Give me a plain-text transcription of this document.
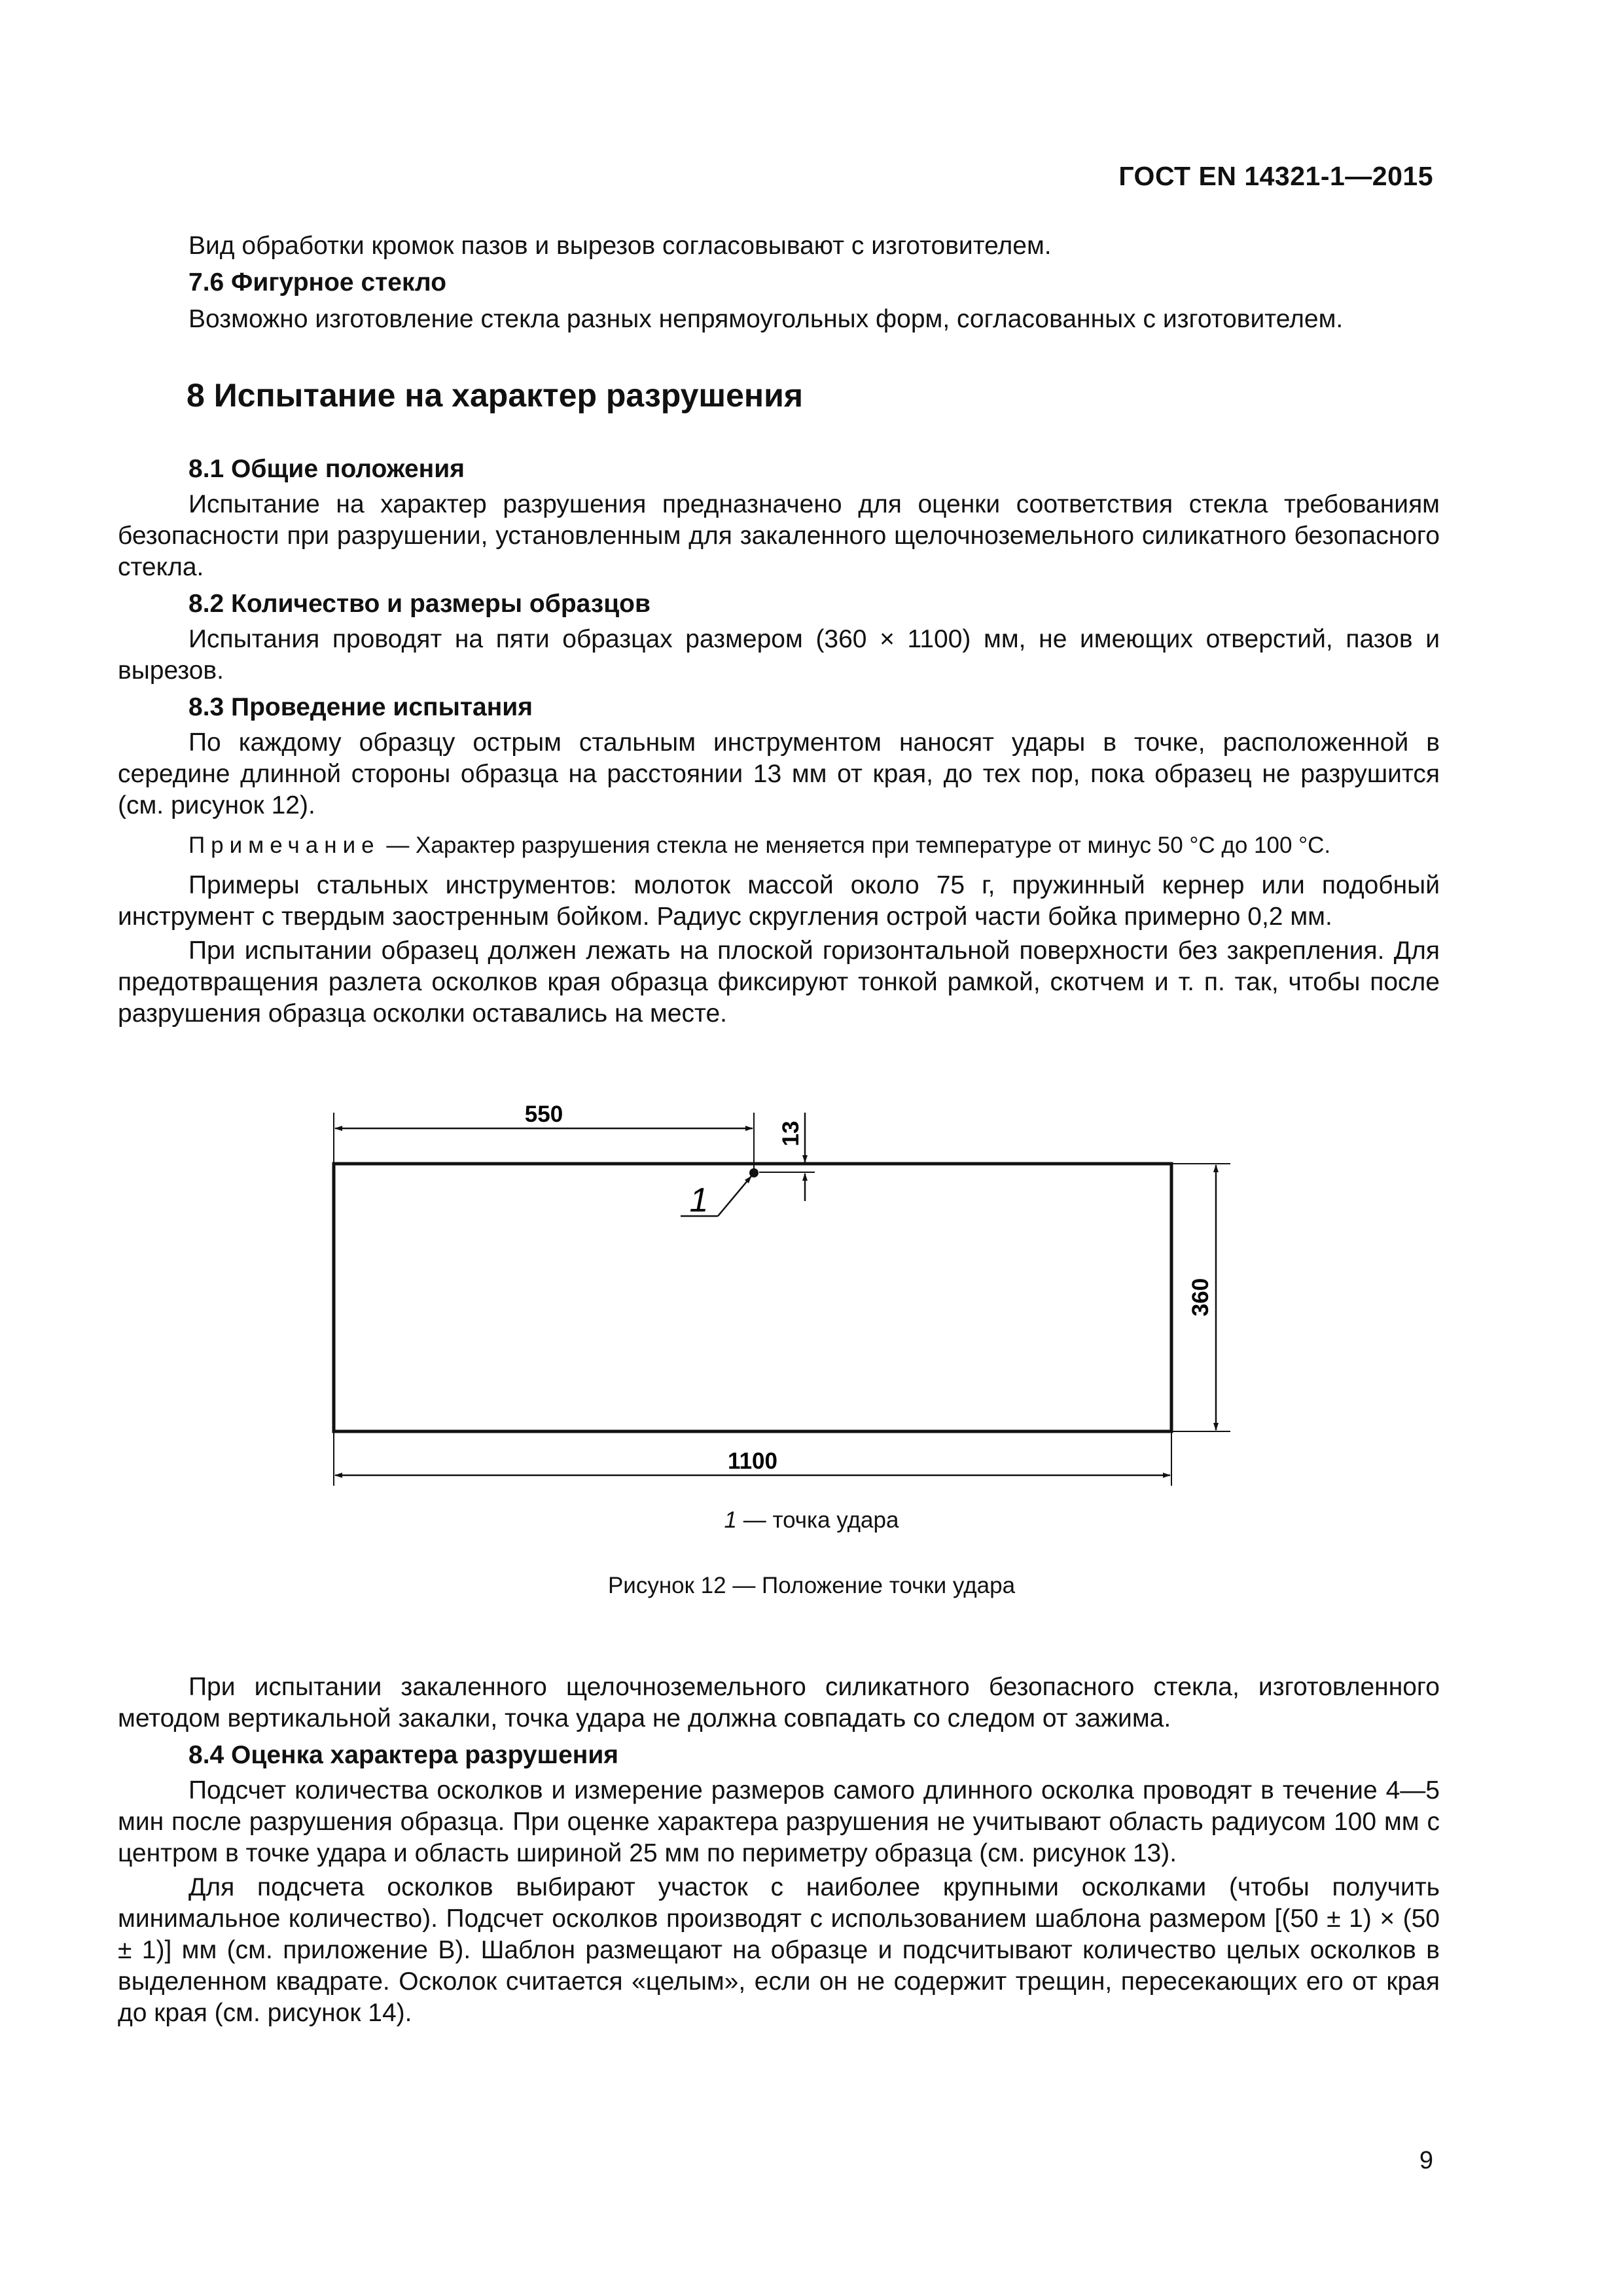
ГОСТ EN 14321-1—2015

Вид обработки кромок пазов и вырезов согласовывают с изготовителем.

7.6 Фигурное стекло

Возможно изготовление стекла разных непрямоугольных форм, согласованных с изготовителем.

8 Испытание на характер разрушения

8.1 Общие положения

Испытание на характер разрушения предназначено для оценки соответствия стекла требованиям безопасности при разрушении, установленным для закаленного щелочноземельного силикатного безопасного стекла.

8.2 Количество и размеры образцов

Испытания проводят на пяти образцах размером (360 × 1100) мм, не имеющих отверстий, пазов и вырезов.

8.3 Проведение испытания

По каждому образцу острым стальным инструментом наносят удары в точке, расположенной в середине длинной стороны образца на расстоянии 13 мм от края, до тех пор, пока образец не разрушится (см. рисунок 12).

Примечание — Характер разрушения стекла не меняется при температуре от минус 50 °С до 100 °С.

Примеры стальных инструментов: молоток массой около 75 г, пружинный кернер или подобный инструмент с твердым заостренным бойком. Радиус скругления острой части бойка примерно 0,2 мм.

При испытании образец должен лежать на плоской горизонтальной поверхности без закрепления. Для предотвращения разлета осколков края образца фиксируют тонкой рамкой, скотчем и т. п. так, чтобы после разрушения образца осколки оставались на месте.

550
13
1
360
1100
1 — точка удара
Рисунок 12 — Положение точки удара

При испытании закаленного щелочноземельного силикатного безопасного стекла, изготовленного методом вертикальной закалки, точка удара не должна совпадать со следом от зажима.

8.4 Оценка характера разрушения

Подсчет количества осколков и измерение размеров самого длинного осколка проводят в течение 4—5 мин после разрушения образца. При оценке характера разрушения не учитывают область радиусом 100 мм с центром в точке удара и область шириной 25 мм по периметру образца (см. рисунок 13).

Для подсчета осколков выбирают участок с наиболее крупными осколками (чтобы получить минимальное количество). Подсчет осколков производят с использованием шаблона размером [(50 ± 1) × (50 ± 1)] мм (см. приложение В). Шаблон размещают на образце и подсчитывают количество целых осколков в выделенном квадрате. Осколок считается «целым», если он не содержит трещин, пересекающих его от края до края (см. рисунок 14).

9
